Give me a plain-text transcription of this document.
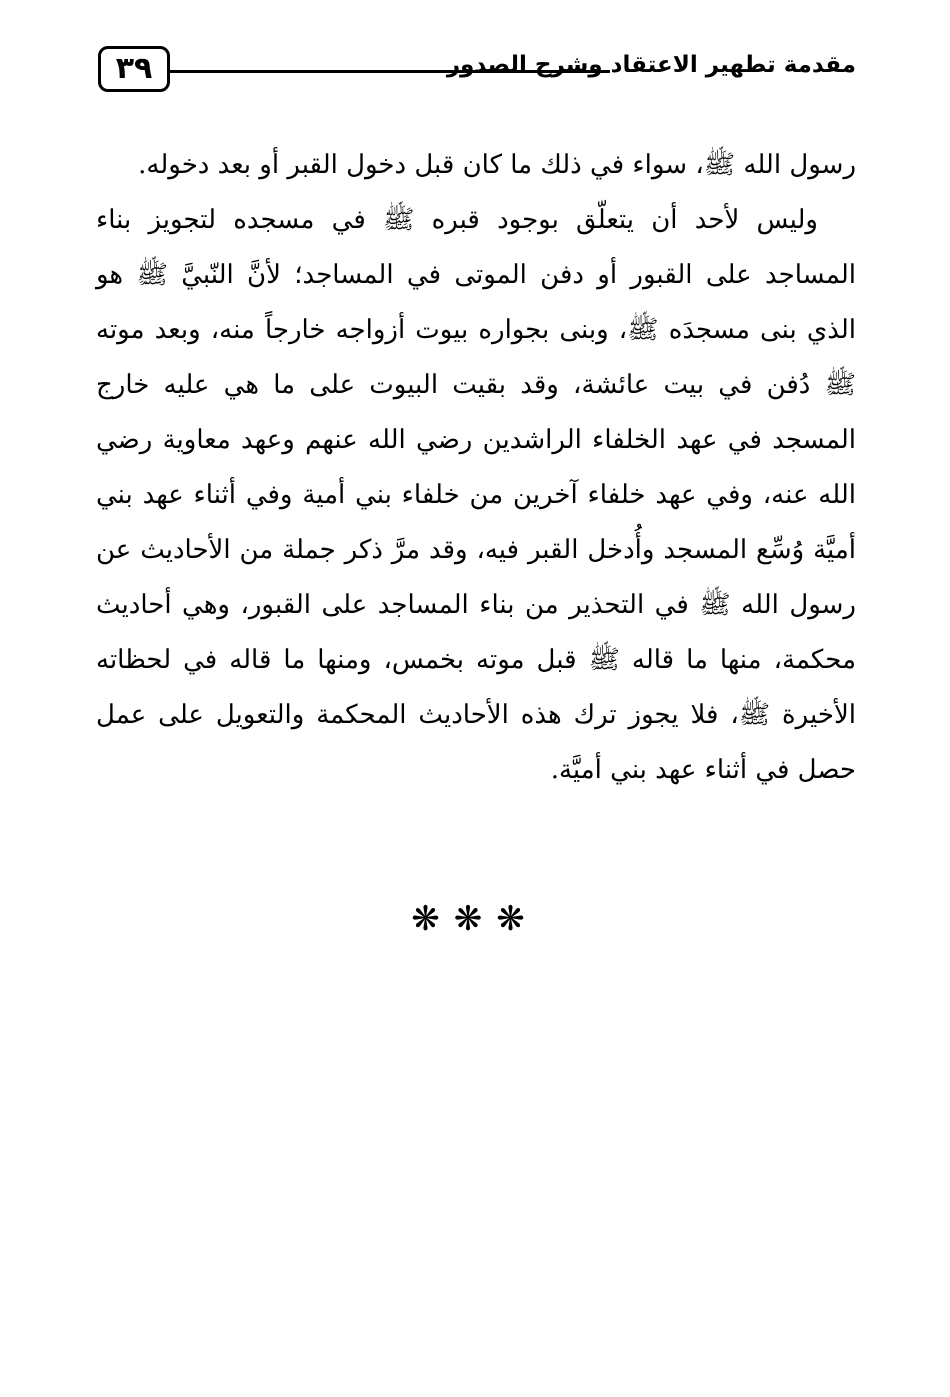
٣٩	مقدمة تطهير الاعتقاد وشرح الصدور

رسول الله ﷺ، سواء في ذلك ما كان قبل دخول القبر أو بعد دخوله.

وليس لأحد أن يتعلّق بوجود قبره ﷺ في مسجده لتجويز بناء المساجد على القبور أو دفن الموتى في المساجد؛ لأنَّ النّبيَّ ﷺ هو الذي بنى مسجدَه ﷺ، وبنى بجواره بيوت أزواجه خارجاً منه، وبعد موته ﷺ دُفن في بيت عائشة، وقد بقيت البيوت على ما هي عليه خارج المسجد في عهد الخلفاء الراشدين رضي الله عنهم وعهد معاوية رضي الله عنه، وفي عهد خلفاء آخرين من خلفاء بني أمية وفي أثناء عهد بني أميَّة وُسِّع المسجد وأُدخل القبر فيه، وقد مرَّ ذكر جملة من الأحاديث عن رسول الله ﷺ في التحذير من بناء المساجد على القبور، وهي أحاديث محكمة، منها ما قاله ﷺ قبل موته بخمس، ومنها ما قاله في لحظاته الأخيرة ﷺ، فلا يجوز ترك هذه الأحاديث المحكمة والتعويل على عمل حصل في أثناء عهد بني أميَّة.

❋❋❋
